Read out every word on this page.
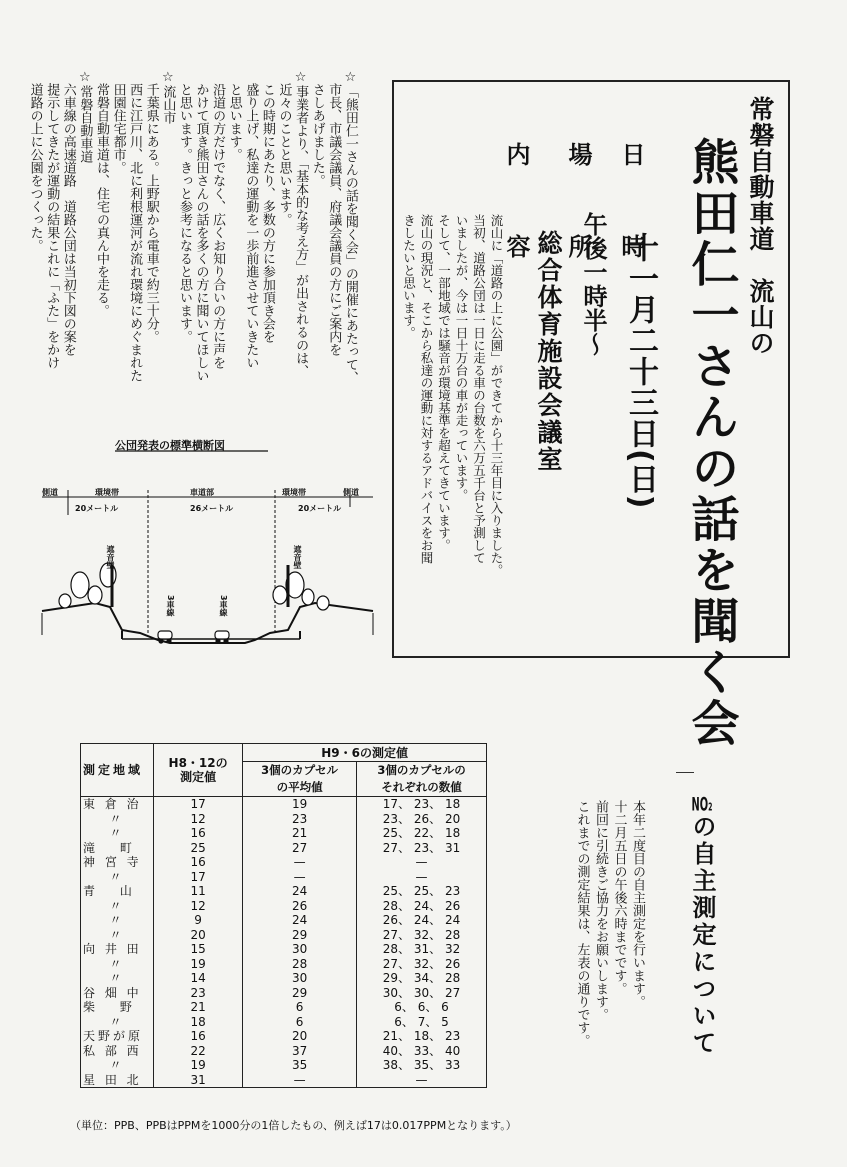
常磐自動車道　流山の
熊田仁一さんの話を聞く会
日　時
十一月二十三日(日)
午後一時半～
場　所
総合体育施設会議室
内　容

流山に「道路の上に公園」ができてから十三年目に入りました。

当初、道路公団は一日に走る車の台数を六万五千台と予測して

いましたが、今は一日十万台の車が走っています。

そして、一部地域では騒音が環境基準を超えてきています。

流山の現況と、そこから私達の運動に対するアドバイスをお聞

きしたいと思います。

☆「熊田仁一さんの話を聞く会」の開催にあたって、

　市長、市議会議員、府議会議員の方にご案内を

　さしあげました。

☆事業者より、「基本的な考え方」が出されるのは、

　近々のことと思います。

　この時期にあたり、多数の方に参加頂き会を

　盛り上げ、私達の運動を一歩前進させていきたい

　と思います。

　沿道の方だけでなく、広くお知り合いの方に声を

　かけて頂き熊田さんの話を多くの方に聞いてほしい

　と思います。きっと参考になると思います。

☆流山市

　千葉県にある。上野駅から電車で約三十分。

　西に江戸川、北に利根運河が流れ環境にめぐまれた

　田園住宅都市。

　常磐自動車道は、住宅の真ん中を走る。

☆常磐自動車道

　六車線の高速道路　道路公団は当初下図の案を

　提示してきたが運動の結果これに「ふた」をかけ

　道路の上に公園をつくった。

公団発表の標準横断図
側道	環境帯	車道部	環境帯	側道
20メートル	26メートル	20メートル
遮音壁	遮音壁
3車線	3車線
測定地域	H8・12の
測定値	H9・6の測定値	
		3個のカプセル
の平均値	3個のカプセルの
それぞれの数値
東 倉 治	17	19	17、 23、 18
〃	12	23	23、 26、 20
〃	16	21	25、 22、 18
滝　 町	25	27	27、 23、 31
神 宮 寺	16	—	—
〃	17	—	—
青　 山	11	24	25、 25、 23
〃	12	26	28、 24、 26
〃	9	24	26、 24、 24
〃	20	29	27、 32、 28
向 井 田	15	30	28、 31、 32
〃	19	28	27、 32、 26
〃	14	30	29、 34、 28
谷 畑 中	23	29	30、 30、 27
柴　 野	21	6	6、 6、 6
〃	18	6	6、 7、 5
天野が原	16	20	21、 18、 23
私 部 西	22	37	40、 33、 40
〃	19	35	38、 35、 33
星 田 北	31	—	—
（単位：PPB、PPBはPPMを1000分の1倍したもの、例えば17は0.017PPMとなります。）
NO₂の自主測定について

本年二度目の自主測定を行います。

十二月五日の午後六時までです。

前回に引続きご協力をお願いします。

これまでの測定結果は、左表の通りです。
